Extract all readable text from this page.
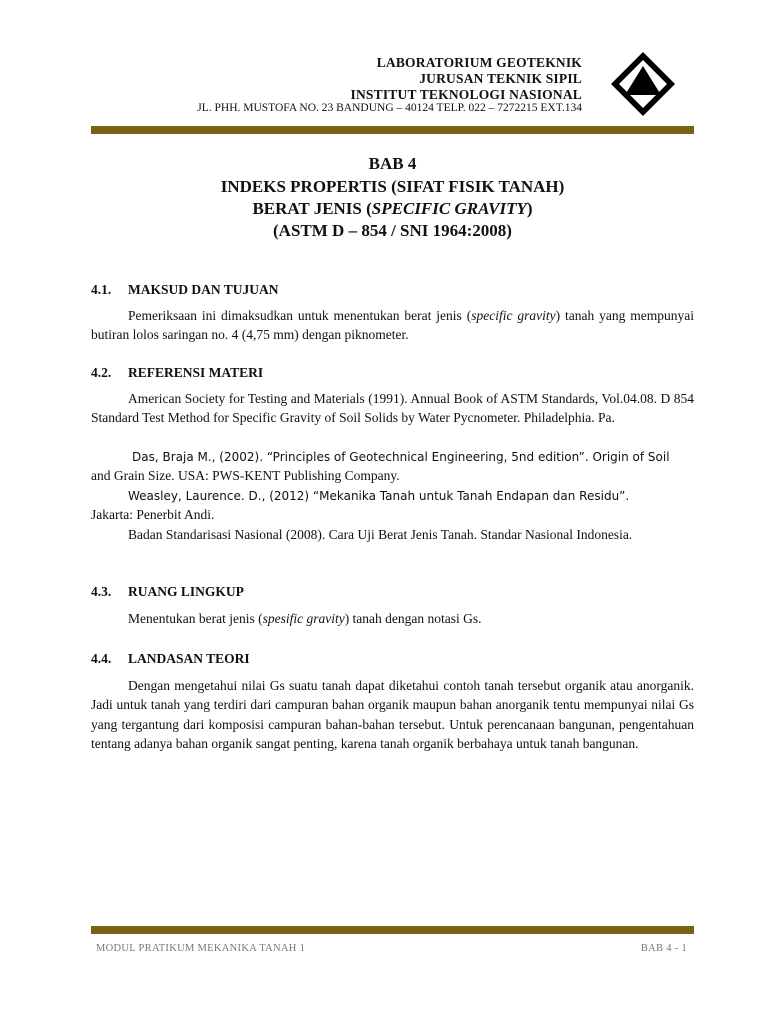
LABORATORIUM GEOTEKNIK
JURUSAN TEKNIK SIPIL
INSTITUT TEKNOLOGI NASIONAL
JL. PHH. MUSTOFA NO. 23 BANDUNG – 40124 TELP. 022 – 7272215 EXT.134
BAB 4
INDEKS PROPERTIS (SIFAT FISIK TANAH)
BERAT JENIS (SPECIFIC GRAVITY)
(ASTM D – 854 / SNI 1964:2008)
4.1. MAKSUD DAN TUJUAN
Pemeriksaan ini dimaksudkan untuk menentukan berat jenis (specific gravity) tanah yang mempunyai butiran lolos saringan no. 4 (4,75 mm) dengan piknometer.
4.2. REFERENSI MATERI
American Society for Testing and Materials (1991). Annual Book of ASTM Standards, Vol.04.08. D 854 Standard Test Method for Specific Gravity of Soil Solids by Water Pycnometer. Philadelphia. Pa.
Das, Braja M., (2002). “Principles of Geotechnical Engineering, 5nd edition”. Origin of Soil
and Grain Size. USA: PWS-KENT Publishing Company.
Weasley, Laurence. D., (2012) “Mekanika Tanah untuk Tanah Endapan dan Residu”.
Jakarta: Penerbit Andi.
Badan Standarisasi Nasional (2008). Cara Uji Berat Jenis Tanah. Standar Nasional Indonesia.
4.3. RUANG LINGKUP
Menentukan berat jenis (spesific gravity) tanah dengan notasi Gs.
4.4. LANDASAN TEORI
Dengan mengetahui nilai Gs suatu tanah dapat diketahui contoh tanah tersebut organik atau anorganik. Jadi untuk tanah yang terdiri dari campuran bahan organik maupun bahan anorganik tentu mempunyai nilai Gs yang tergantung dari komposisi campuran bahan-bahan tersebut. Untuk perencanaan bangunan, pengentahuan tentang adanya bahan organik sangat penting, karena tanah organik berbahaya untuk tanah bangunan.
MODUL PRATIKUM MEKANIKA TANAH 1	BAB 4 - 1
